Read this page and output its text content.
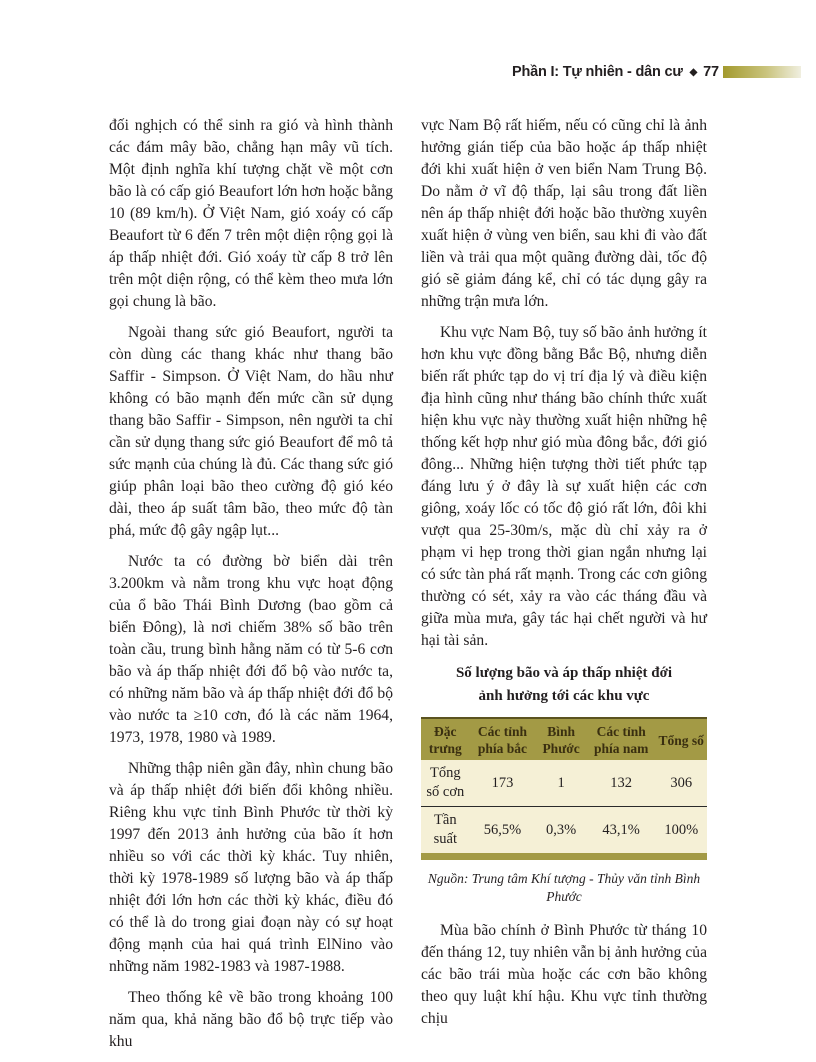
Phần I: Tự nhiên - dân cư ◆ 77

đối nghịch có thể sinh ra gió và hình thành các đám mây bão, chẳng hạn mây vũ tích. Một định nghĩa khí tượng chặt về một cơn bão là có cấp gió Beaufort lớn hơn hoặc bằng 10 (89 km/h). Ở Việt Nam, gió xoáy có cấp Beaufort từ 6 đến 7 trên một diện rộng gọi là áp thấp nhiệt đới. Gió xoáy từ cấp 8 trở lên trên một diện rộng, có thể kèm theo mưa lớn gọi chung là bão.

Ngoài thang sức gió Beaufort, người ta còn dùng các thang khác như thang bão Saffir - Simpson. Ở Việt Nam, do hầu như không có bão mạnh đến mức cần sử dụng thang bão Saffir - Simpson, nên người ta chỉ cần sử dụng thang sức gió Beaufort để mô tả sức mạnh của chúng là đủ. Các thang sức gió giúp phân loại bão theo cường độ gió kéo dài, theo áp suất tâm bão, theo mức độ tàn phá, mức độ gây ngập lụt...

Nước ta có đường bờ biển dài trên 3.200km và nằm trong khu vực hoạt động của ổ bão Thái Bình Dương (bao gồm cả biển Đông), là nơi chiếm 38% số bão trên toàn cầu, trung bình hằng năm có từ 5-6 cơn bão và áp thấp nhiệt đới đổ bộ vào nước ta, có những năm bão và áp thấp nhiệt đới đổ bộ vào nước ta ≥10 cơn, đó là các năm 1964, 1973, 1978, 1980 và 1989.

Những thập niên gần đây, nhìn chung bão và áp thấp nhiệt đới biến đổi không nhiều. Riêng khu vực tỉnh Bình Phước từ thời kỳ 1997 đến 2013 ảnh hưởng của bão ít hơn nhiều so với các thời kỳ khác. Tuy nhiên, thời kỳ 1978-1989 số lượng bão và áp thấp nhiệt đới lớn hơn các thời kỳ khác, điều đó có thể là do trong giai đoạn này có sự hoạt động mạnh của hai quá trình ElNino vào những năm 1982-1983 và 1987-1988.

Theo thống kê về bão trong khoảng 100 năm qua, khả năng bão đổ bộ trực tiếp vào khu

vực Nam Bộ rất hiếm, nếu có cũng chỉ là ảnh hưởng gián tiếp của bão hoặc áp thấp nhiệt đới khi xuất hiện ở ven biển Nam Trung Bộ. Do nằm ở vĩ độ thấp, lại sâu trong đất liền nên áp thấp nhiệt đới hoặc bão thường xuyên xuất hiện ở vùng ven biển, sau khi đi vào đất liền và trải qua một quãng đường dài, tốc độ gió sẽ giảm đáng kể, chỉ có tác dụng gây ra những trận mưa lớn.

Khu vực Nam Bộ, tuy số bão ảnh hưởng ít hơn khu vực đồng bằng Bắc Bộ, nhưng diễn biến rất phức tạp do vị trí địa lý và điều kiện địa hình cũng như tháng bão chính thức xuất hiện khu vực này thường xuất hiện những hệ thống kết hợp như gió mùa đông bắc, đới gió đông... Những hiện tượng thời tiết phức tạp đáng lưu ý ở đây là sự xuất hiện các cơn giông, xoáy lốc có tốc độ gió rất lớn, đôi khi vượt qua 25-30m/s, mặc dù chỉ xảy ra ở phạm vi hẹp trong thời gian ngắn nhưng lại có sức tàn phá rất mạnh. Trong các cơn giông thường có sét, xảy ra vào các tháng đầu và giữa mùa mưa, gây tác hại chết người và hư hại tài sản.

Số lượng bão và áp thấp nhiệt đới
ảnh hưởng tới các khu vực
Đặc trưng	Các tỉnh phía bắc	Bình Phước	Các tỉnh phía nam	Tổng số
Tổng số cơn	173	1	132	306
Tần suất	56,5%	0,3%	43,1%	100%
Nguồn: Trung tâm Khí tượng - Thủy văn tỉnh Bình Phước

Mùa bão chính ở Bình Phước từ tháng 10 đến tháng 12, tuy nhiên vẫn bị ảnh hưởng của các bão trái mùa hoặc các cơn bão không theo quy luật khí hậu. Khu vực tỉnh thường chịu
